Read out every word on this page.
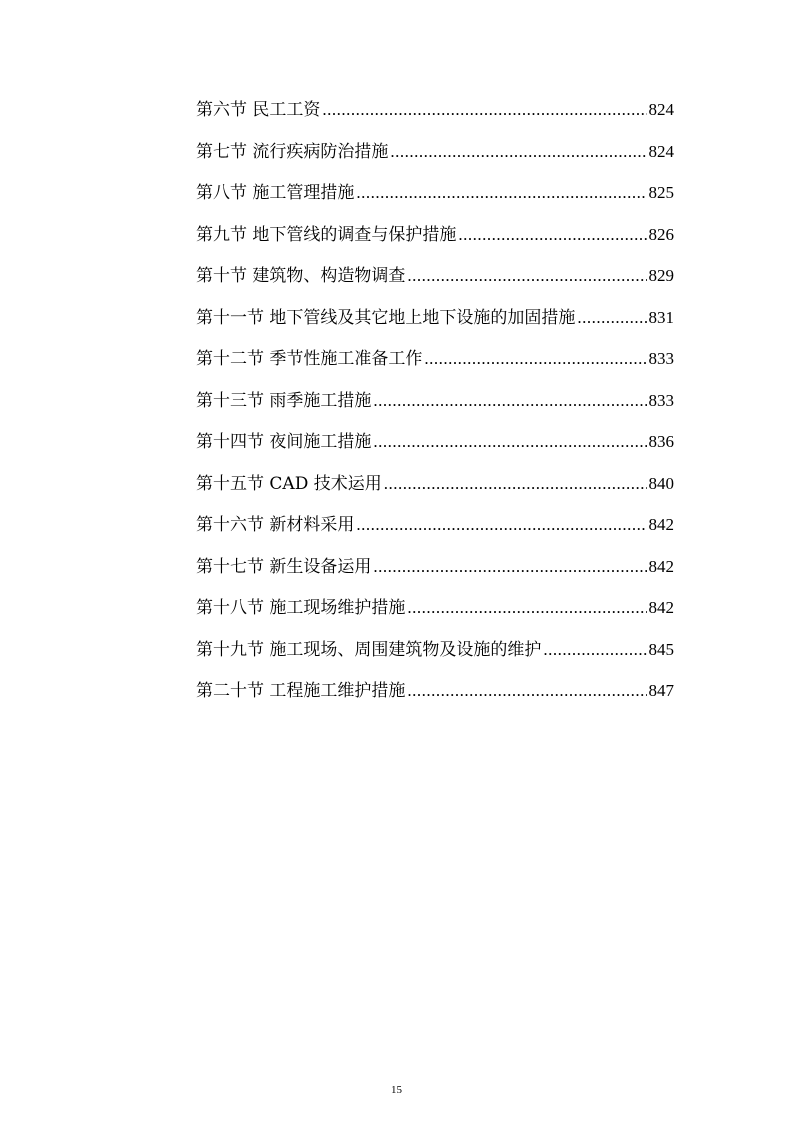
第六节 民工工资 .....	824
第七节 流行疾病防治措施 .....	824
第八节 施工管理措施 .....	825
第九节 地下管线的调查与保护措施 .....	826
第十节 建筑物、构造物调查 .....	829
第十一节 地下管线及其它地上地下设施的加固措施 .....	831
第十二节 季节性施工准备工作 .....	833
第十三节 雨季施工措施 .....	833
第十四节 夜间施工措施 .....	836
第十五节 CAD 技术运用 .....	840
第十六节 新材料采用 .....	842
第十七节 新生设备运用 .....	842
第十八节 施工现场维护措施 .....	842
第十九节 施工现场、周围建筑物及设施的维护 .....	845
第二十节 工程施工维护措施 .....	847
15
